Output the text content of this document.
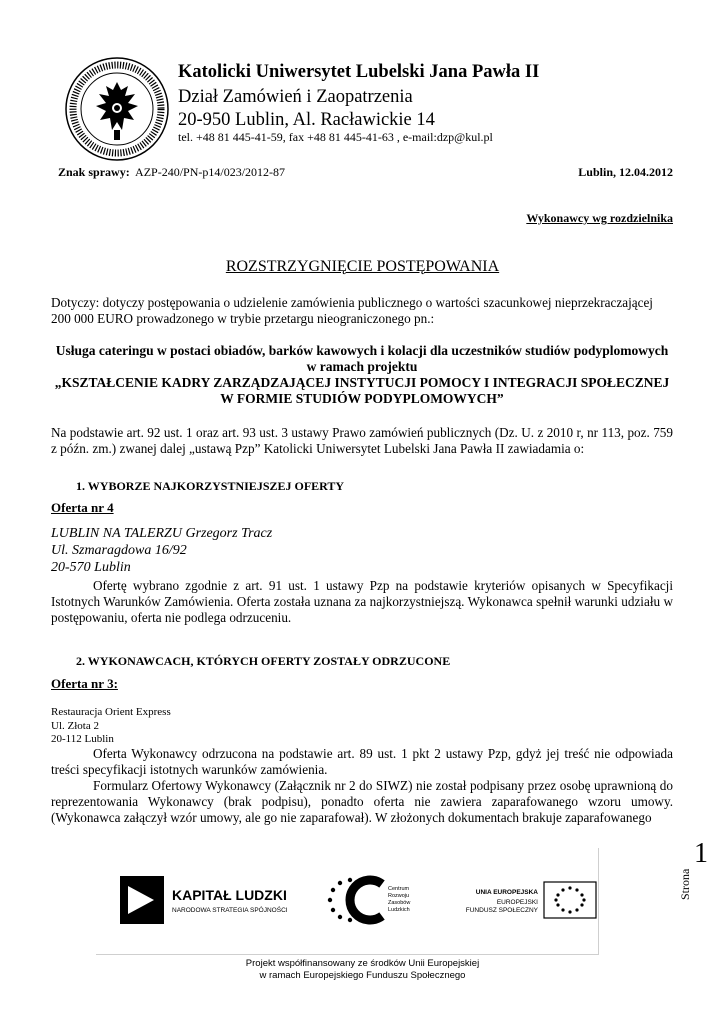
Katolicki Uniwersytet Lubelski Jana Pawła II
Dział Zamówień i Zaopatrzenia
20-950 Lublin, Al. Racławickie 14
tel. +48 81 445-41-59, fax +48 81 445-41-63 , e-mail:dzp@kul.pl
Znak sprawy: AZP-240/PN-p14/023/2012-87	Lublin, 12.04.2012
Wykonawcy wg rozdzielnika
ROZSTRZYGNIĘCIE POSTĘPOWANIA
Dotyczy: dotyczy postępowania o udzielenie zamówienia publicznego o wartości szacunkowej nieprzekraczającej 200 000 EURO prowadzonego w trybie przetargu nieograniczonego pn.:
Usługa cateringu w postaci obiadów, barków kawowych i kolacji dla uczestników studiów podyplomowych w ramach projektu
„KSZTAŁCENIE KADRY ZARZĄDZAJĄCEJ INSTYTUCJI POMOCY I INTEGRACJI SPOŁECZNEJ W FORMIE STUDIÓW PODYPLOMOWYCH”
Na podstawie art. 92 ust. 1 oraz art. 93 ust. 3 ustawy Prawo zamówień publicznych (Dz. U. z 2010 r, nr 113, poz. 759 z późn. zm.) zwanej dalej „ustawą Pzp” Katolicki Uniwersytet Lubelski Jana Pawła II zawiadamia o:
1. WYBORZE NAJKORZYSTNIEJSZEJ OFERTY
Oferta nr 4
LUBLIN NA TALERZU Grzegorz Tracz
Ul. Szmaragdowa 16/92
20-570 Lublin
Ofertę wybrano zgodnie z art. 91 ust. 1 ustawy Pzp na podstawie kryteriów opisanych w Specyfikacji Istotnych Warunków Zamówienia. Oferta została uznana za najkorzystniejszą. Wykonawca spełnił warunki udziału w postępowaniu, oferta nie podlega odrzuceniu.
2. WYKONAWCACH, KTÓRYCH OFERTY ZOSTAŁY ODRZUCONE
Oferta nr 3:
Restauracja Orient Express
Ul. Złota 2
20-112 Lublin

Oferta Wykonawcy odrzucona na podstawie art. 89 ust. 1 pkt 2 ustawy Pzp, gdyż jej treść nie odpowiada treści specyfikacji istotnych warunków zamówienia.

Formularz Ofertowy Wykonawcy (Załącznik nr 2 do SIWZ) nie został podpisany przez osobę uprawnioną do reprezentowania Wykonawcy (brak podpisu), ponadto oferta nie zawiera zaparafowanego wzoru umowy. (Wykonawca załączył wzór umowy, ale go nie zaparafował). W złożonych dokumentach brakuje zaparafowanego

1
Strona
KAPITAŁ LUDZKI
NARODOWA STRATEGIA SPÓJNOŚCI
Centrum
Rozwoju
Zasobów
Ludzkich
UNIA EUROPEJSKA
EUROPEJSKI
FUNDUSZ SPOŁECZNY
Projekt współfinansowany ze środków Unii Europejskiej
w ramach Europejskiego Funduszu Społecznego
